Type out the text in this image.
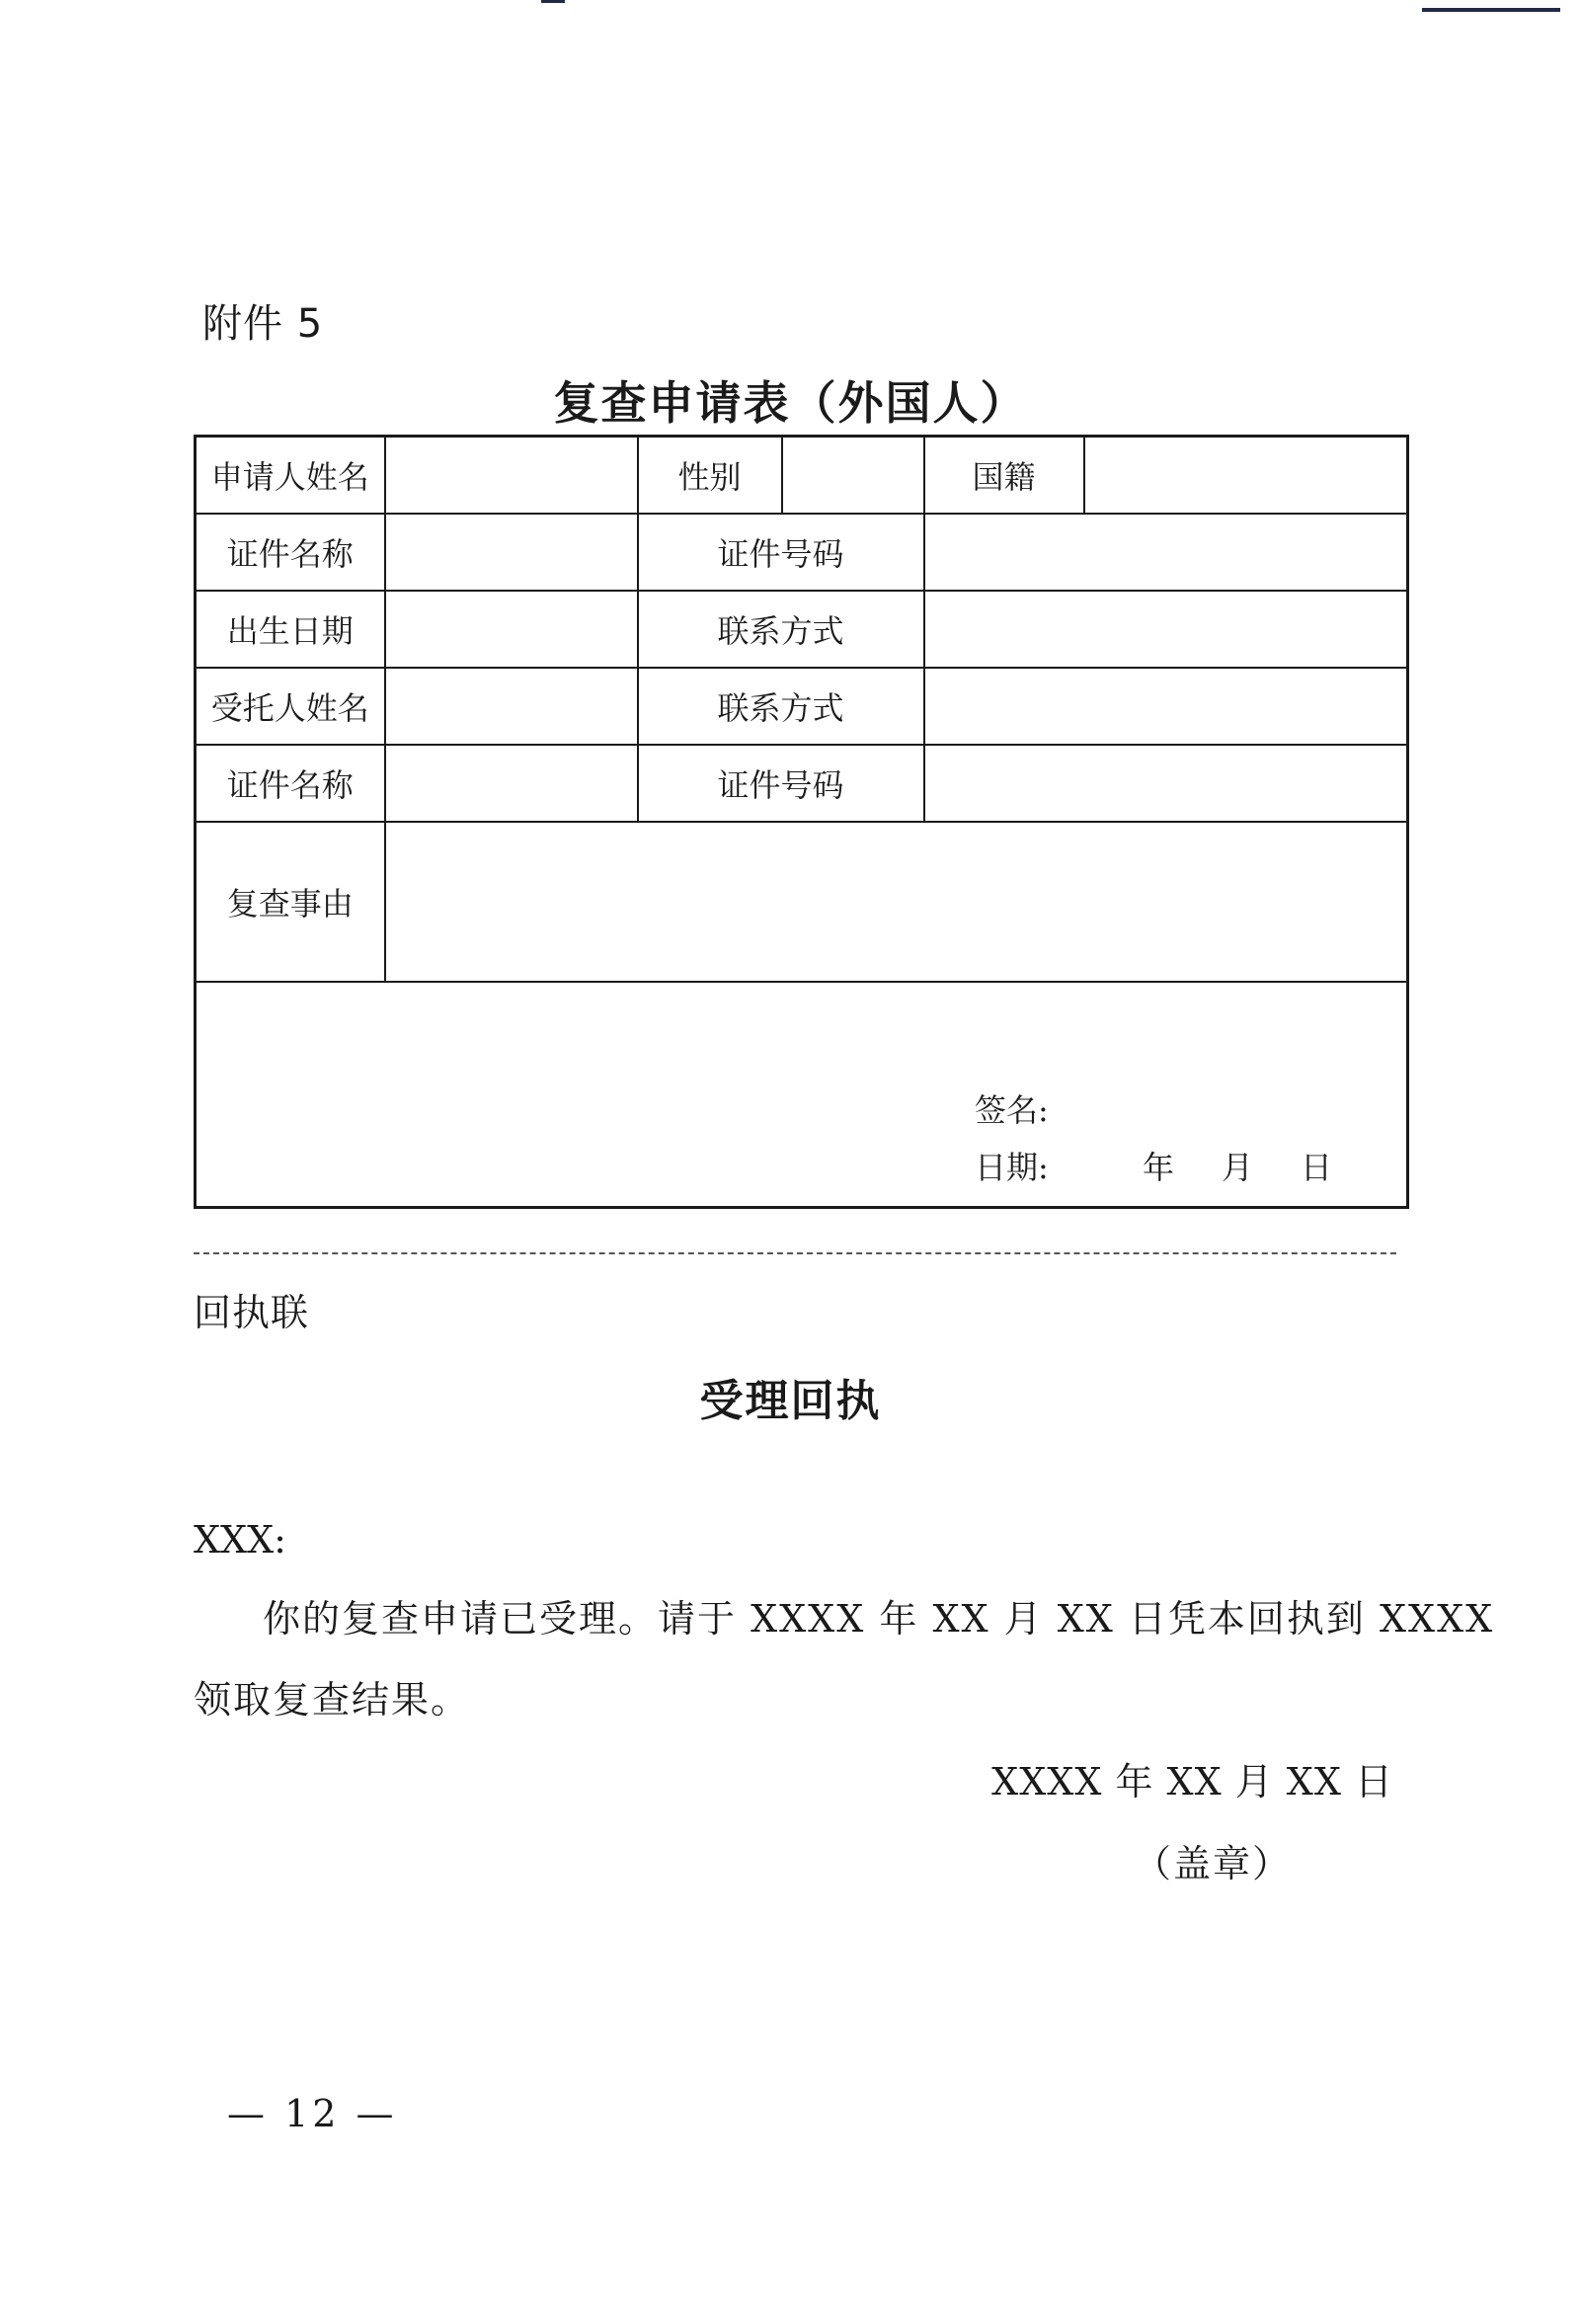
附件 5
复查申请表（外国人）
申请人姓名		性别		国籍	
证件名称		证件号码			
出生日期		联系方式			
受托人姓名		联系方式			
证件名称		证件号码			
复查事由					

签名:
日期: 年 月 日					
回执联
受理回执
XXX:
你的复查申请已受理。请于 XXXX 年 XX 月 XX 日凭本回执到 XXXX
领取复查结果。
XXXX 年 XX 月 XX 日
（盖章）
— 12 —
